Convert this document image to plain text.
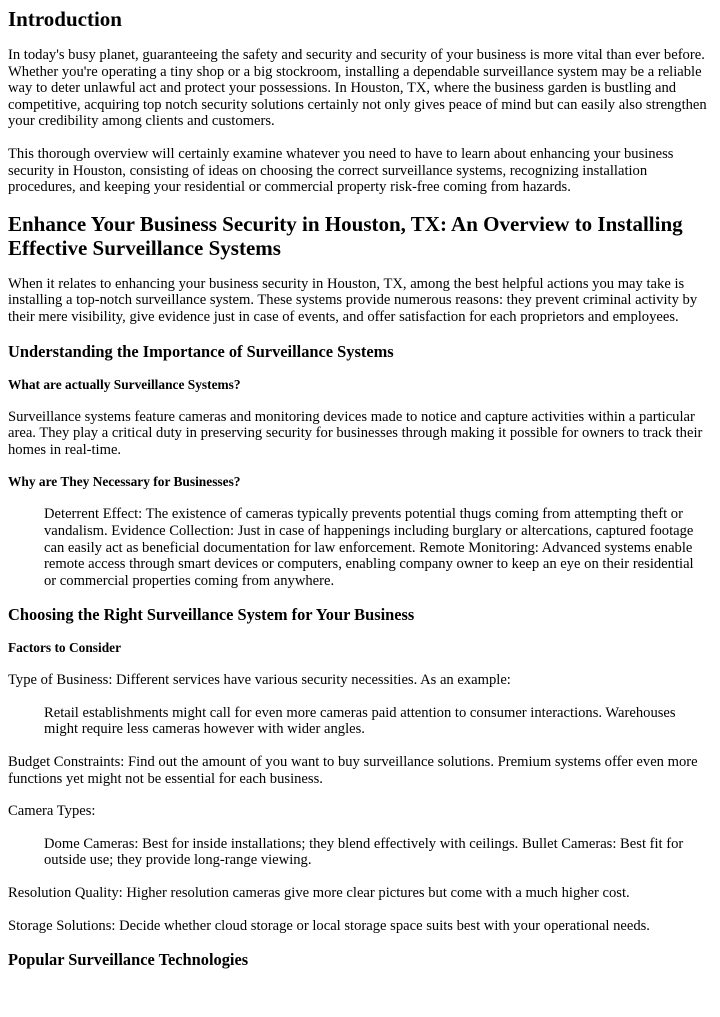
Introduction

In today's busy planet, guaranteeing the safety and security and security of your business is more vital than ever before. Whether you're operating a tiny shop or a big stockroom, installing a dependable surveillance system may be a reliable way to deter unlawful act and protect your possessions. In Houston, TX, where the business garden is bustling and competitive, acquiring top notch security solutions certainly not only gives peace of mind but can easily also strengthen your credibility among clients and customers.

This thorough overview will certainly examine whatever you need to have to learn about enhancing your business security in Houston, consisting of ideas on choosing the correct surveillance systems, recognizing installation procedures, and keeping your residential or commercial property risk-free coming from hazards.

Enhance Your Business Security in Houston, TX: An Overview to Installing Effective Surveillance Systems

When it relates to enhancing your business security in Houston, TX, among the best helpful actions you may take is installing a top-notch surveillance system. These systems provide numerous reasons: they prevent criminal activity by their mere visibility, give evidence just in case of events, and offer satisfaction for each proprietors and employees.

Understanding the Importance of Surveillance Systems
What are actually Surveillance Systems?

Surveillance systems feature cameras and monitoring devices made to notice and capture activities within a particular area. They play a critical duty in preserving security for businesses through making it possible for owners to track their homes in real-time.

Why are They Necessary for Businesses?
Deterrent Effect: The existence of cameras typically prevents potential thugs coming from attempting theft or vandalism. Evidence Collection: Just in case of happenings including burglary or altercations, captured footage can easily act as beneficial documentation for law enforcement. Remote Monitoring: Advanced systems enable remote access through smart devices or computers, enabling company owner to keep an eye on their residential or commercial properties coming from anywhere.
Choosing the Right Surveillance System for Your Business
Factors to Consider

Type of Business: Different services have various security necessities. As an example:

Retail establishments might call for even more cameras paid attention to consumer interactions. Warehouses might require less cameras however with wider angles.

Budget Constraints: Find out the amount of you want to buy surveillance solutions. Premium systems offer even more functions yet might not be essential for each business.

Camera Types:

Dome Cameras: Best for inside installations; they blend effectively with ceilings. Bullet Cameras: Best fit for outside use; they provide long-range viewing.

Resolution Quality: Higher resolution cameras give more clear pictures but come with a much higher cost.

Storage Solutions: Decide whether cloud storage or local storage space suits best with your operational needs.

Popular Surveillance Technologies
